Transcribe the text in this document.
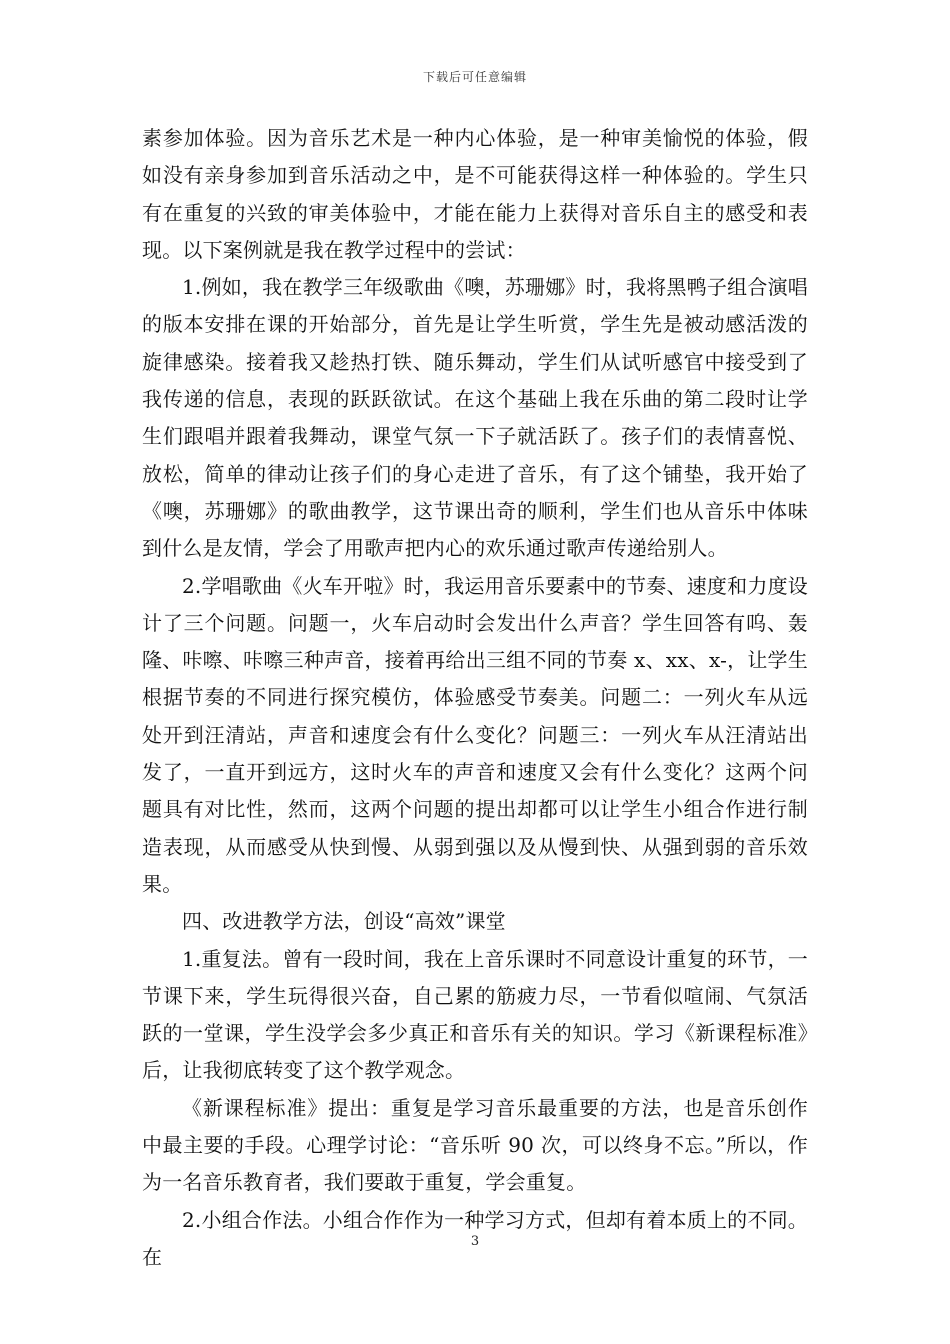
下载后可任意编辑

素参加体验。因为音乐艺术是一种内心体验，是一种审美愉悦的体验，假如没有亲身参加到音乐活动之中，是不可能获得这样一种体验的。学生只有在重复的兴致的审美体验中，才能在能力上获得对音乐自主的感受和表现。以下案例就是我在教学过程中的尝试：

1.例如，我在教学三年级歌曲《噢，苏珊娜》时，我将黑鸭子组合演唱的版本安排在课的开始部分，首先是让学生听赏，学生先是被动感活泼的旋律感染。接着我又趁热打铁、随乐舞动，学生们从试听感官中接受到了我传递的信息，表现的跃跃欲试。在这个基础上我在乐曲的第二段时让学生们跟唱并跟着我舞动，课堂气氛一下子就活跃了。孩子们的表情喜悦、放松，简单的律动让孩子们的身心走进了音乐，有了这个铺垫，我开始了《噢，苏珊娜》的歌曲教学，这节课出奇的顺利，学生们也从音乐中体味到什么是友情，学会了用歌声把内心的欢乐通过歌声传递给别人。

2.学唱歌曲《火车开啦》时，我运用音乐要素中的节奏、速度和力度设计了三个问题。问题一，火车启动时会发出什么声音？学生回答有呜、轰隆、咔嚓、咔嚓三种声音，接着再给出三组不同的节奏 x、xx、x-，让学生根据节奏的不同进行探究模仿，体验感受节奏美。问题二：一列火车从远处开到汪清站，声音和速度会有什么变化？问题三：一列火车从汪清站出发了，一直开到远方，这时火车的声音和速度又会有什么变化？这两个问题具有对比性，然而，这两个问题的提出却都可以让学生小组合作进行制造表现，从而感受从快到慢、从弱到强以及从慢到快、从强到弱的音乐效果。

四、改进教学方法，创设“高效”课堂

1.重复法。曾有一段时间，我在上音乐课时不同意设计重复的环节，一节课下来，学生玩得很兴奋，自己累的筋疲力尽，一节看似喧闹、气氛活跃的一堂课，学生没学会多少真正和音乐有关的知识。学习《新课程标准》后，让我彻底转变了这个教学观念。

《新课程标准》提出：重复是学习音乐最重要的方法，也是音乐创作中最主要的手段。心理学讨论：“音乐听 90 次，可以终身不忘。”所以，作为一名音乐教育者，我们要敢于重复，学会重复。

2.小组合作法。小组合作作为一种学习方式，但却有着本质上的不同。在

3
